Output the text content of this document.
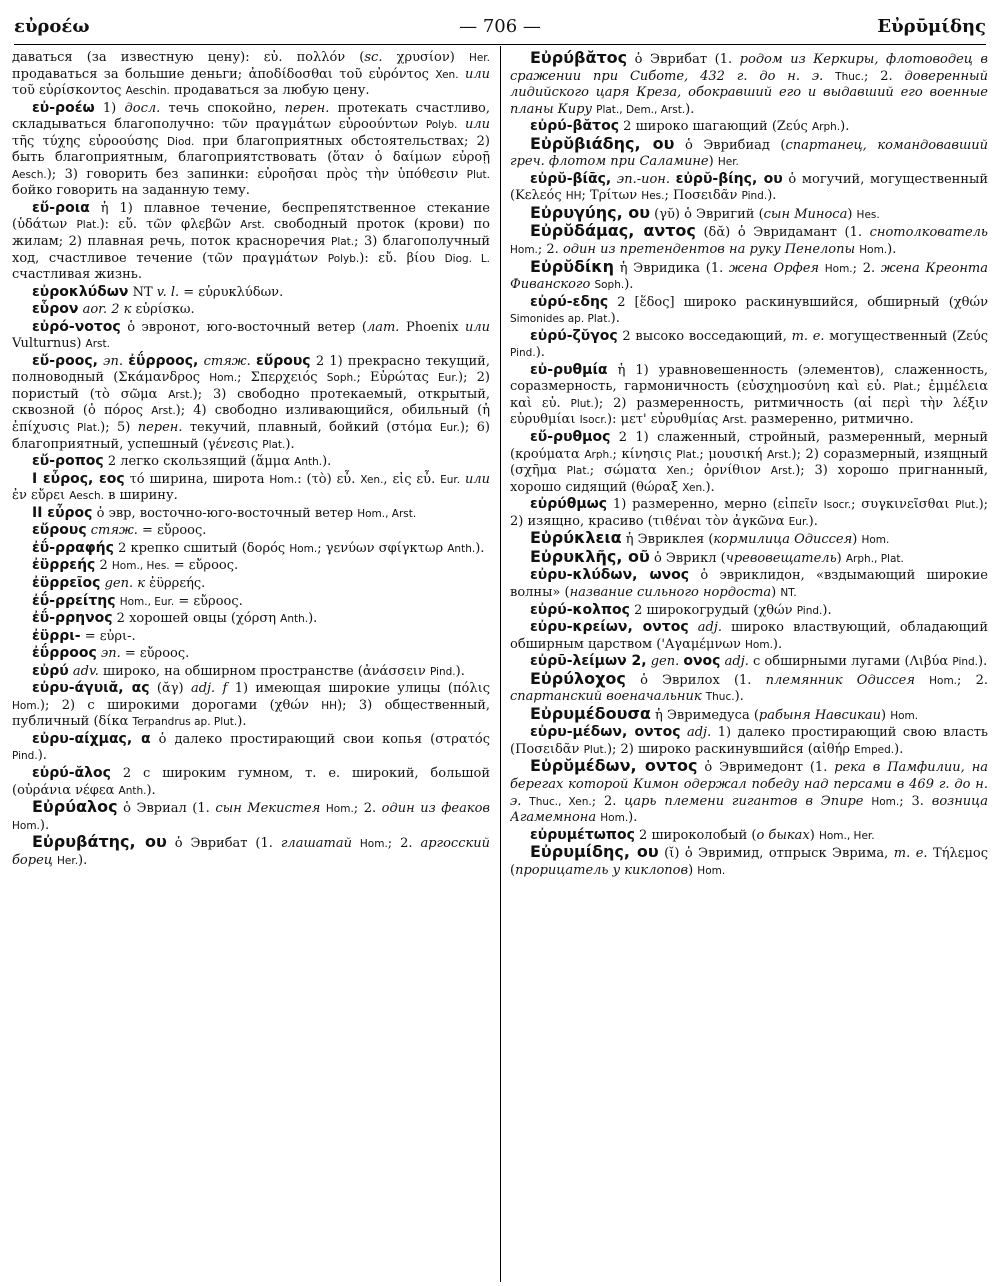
εὐροέω	— 706 —	Εὐρῡμίδης

даваться (за известную цену): εὐ. πολλόν (sc. χρυσίον) Her. продаваться за большие деньги; ἀποδίδοσθαι τοῦ εὐρόντος Xen. или τοῦ εὑρίσκοντος Aeschin. продаваться за любую цену.

εὐ-ροέω 1) досл. течь спокойно, перен. протекать счастливо, складываться благополучно: τῶν πραγμάτων εὐροούντων Polyb. или τῆς τύχης εὐροούσης Diod. при благоприятных обстоятельствах; 2) быть благоприятным, благоприятствовать (ὅταν ὁ δαίμων εὐροῇ Aesch.); 3) говорить без запинки: εὐροῆσαι πρὸς τὴν ὑπόθεσιν Plut. бойко говорить на заданную тему.

εὔ-ροια ἡ 1) плавное течение, беспрепятственное стекание (ὑδάτων Plat.): εὔ. τῶν φλεβῶν Arst. свободный проток (крови) по жилам; 2) плавная речь, поток красноречия Plat.; 3) благополучный ход, счастливое течение (τῶν πραγμάτων Polyb.): εὔ. βίου Diog. L. счастливая жизнь.

εὐροκλύδων NT v. l. = εὐρυκλύδων.

εὗρον aor. 2 к εὑρίσκω.

εὐρό-νοτος ὁ эвронот, юго-восточный ветер (лат. Phoenix или Vulturnus) Arst.

εὔ-ροος, эп. ἐΰρροος, стяж. εὔρους 2 1) прекрасно текущий, полноводный (Σκάμανδρος Hom.; Σπερχειός Soph.; Εὐρώτας Eur.); 2) пористый (τὸ σῶμα Arst.); 3) свободно протекаемый, открытый, сквозной (ὁ πόρος Arst.); 4) свободно изливающийся, обильный (ἡ ἐπίχυσις Plat.); 5) перен. текучий, плавный, бойкий (στόμα Eur.); 6) благоприятный, успешный (γένεσις Plat.).

εὔ-ροπος 2 легко скользящий (ἅμμα Anth.).

I εὖρος, εος τό ширина, широта Hom.: (τὸ) εὖ. Xen., εἰς εὖ. Eur. или ἐν εὔρει Aesch. в ширину.

II εὖρος ὁ эвр, восточно-юго-восточный ветер Hom., Arst.

εὔρους стяж. = εὔροος.

ἐΰ-ρραφής 2 крепко сшитый (δορός Hom.; γενύων σφίγκτωρ Anth.).

ἐϋρρεής 2 Hom., Hes. = εὔροος.

ἐϋρρεῖος gen. к ἐϋρρεής.

ἐΰ-ρρείτης Hom., Eur. = εὔροος.

ἐΰ-ρρηνος 2 хорошей овцы (χόρση Anth.).

ἐϋρρι- = εὐρι-.

ἐΰρροος эп. = εὔροος.

εὐρύ adv. широко, на обширном пространстве (ἀνάσσειν Pind.).

εὐρυ-άγυιᾰ, ας (ᾰγ) adj. f 1) имеющая широкие улицы (πόλις Hom.); 2) с широкими дорогами (χθών HH); 3) общественный, публичный (δίκα Terpandrus ap. Plut.).

εὐρυ-αίχμας, α ὁ далеко простирающий свои копья (στρατός Pind.).

εὐρύ-ᾰλος 2 с широким гумном, т. е. широкий, большой (οὐράνια νέφεα Anth.).

Εὐρύαλος ὁ Эвриал (1. сын Мекистея Hom.; 2. один из феаков Hom.).

Εὐρυβάτης, ου ὁ Эврибат (1. глашатай Hom.; 2. аргосский борец Her.).

Εὐρύβᾰτος ὁ Эврибат (1. родом из Керкиры, флотоводец в сражении при Сиботе, 432 г. до н. э. Thuc.; 2. доверенный лидийского царя Креза, обокравший его и выдавший его военные планы Киру Plat., Dem., Arst.).

εὐρύ-βᾰτος 2 широко шагающий (Ζεύς Arph.).

Εὐρῠβιάδης, ου ὁ Эврибиад (спартанец, командовавший греч. флотом при Саламине) Her.

εὐρῠ-βίᾱς, эп.-ион. εὐρῠ-βίης, ου ὁ могучий, могущественный (Κελεός HH; Τρίτων Hes.; Ποσειδᾶν Pind.).

Εὐρυγύης, ου (γῠ) ὁ Эвригий (сын Миноса) Hes.

Εὐρῠδάμας, αντος (δᾰ) ὁ Эвридамант (1. снотолкователь Hom.; 2. один из претендентов на руку Пенелопы Hom.).

Εὐρῠδίκη ἡ Эвридика (1. жена Орфея Hom.; 2. жена Креонта Фиванского Soph.).

εὐρύ-εδης 2 [ἕδος] широко раскинувшийся, обширный (χθών Simonides ap. Plat.).

εὐρύ-ζῠγος 2 высоко восседающий, т. е. могущественный (Ζεύς Pind.).

εὐ-ρυθμία ἡ 1) уравновешенность (элементов), слаженность, соразмерность, гармоничность (εὐσχημοσύνη καὶ εὐ. Plat.; ἐμμέλεια καὶ εὐ. Plut.); 2) размеренность, ритмичность (αἱ περὶ τὴν λέξιν εὐρυθμίαι Isocr.): μετ' εὐρυθμίας Arst. размеренно, ритмично.

εὔ-ρυθμος 2 1) слаженный, стройный, размеренный, мерный (κρούματα Arph.; κίνησις Plat.; μουσική Arst.); 2) соразмерный, изящный (σχῆμα Plat.; σώματα Xen.; ὀρνίθιον Arst.); 3) хорошо пригнанный, хорошо сидящий (θώραξ Xen.).

εὐρύθμως 1) размеренно, мерно (εἰπεῖν Isocr.; συγκινεῖσθαι Plut.); 2) изящно, красиво (τιθέναι τὸν ἀγκῶνα Eur.).

Εὐρύκλεια ἡ Эвриклея (кормилица Одиссея) Hom.

Εὐρυκλῆς, οῦ ὁ Эврикл (чревовещатель) Arph., Plat.

εὐρυ-κλύδων, ωνος ὁ эвриклидон, «вздымающий широкие волны» (название сильного нордоста) NT.

εὐρύ-κολπος 2 широкогрудый (χθών Pind.).

εὐρυ-κρείων, οντος adj. широко властвующий, обладающий обширным царством ('Αγαμέμνων Hom.).

εὐρῡ-λείμων 2, gen. ονος adj. с обширными лугами (Λιβύα Pind.).

Εὐρύλοχος ὁ Эврилох (1. племянник Одиссея Hom.; 2. спартанский военачальник Thuc.).

Εὐρυμέδουσα ἡ Эвримедуса (рабыня Навсикаи) Hom.

εὐρυ-μέδων, οντος adj. 1) далеко простирающий свою власть (Ποσειδᾶν Plut.); 2) широко раскинувшийся (αἰθήρ Emped.).

Εὐρῠμέδων, οντος ὁ Эвримедонт (1. река в Памфилии, на берегах которой Кимон одержал победу над персами в 469 г. до н. э. Thuc., Xen.; 2. царь племени гигантов в Эпире Hom.; 3. возница Агамемнона Hom.).

εὐρυμέτωπος 2 широколобый (о быках) Hom., Her.

Εὐρυμίδης, ου (ῐ) ὁ Эвримид, отпрыск Эврима, т. е. Τήλεμος (прорицатель у киклопов) Hom.
